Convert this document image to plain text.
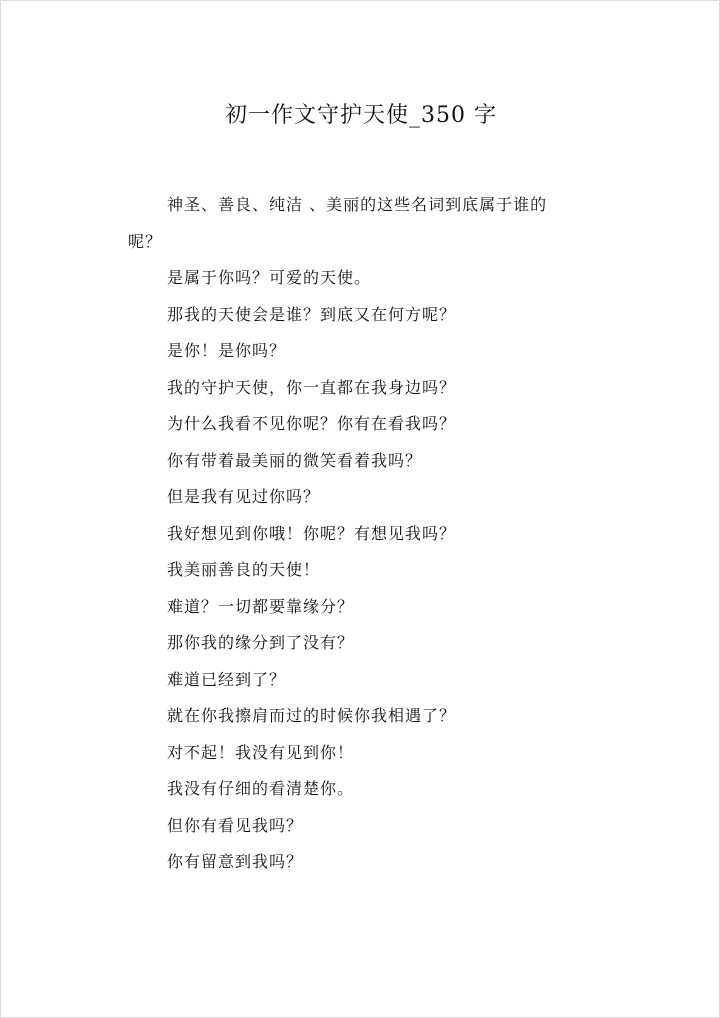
初一作文守护天使_350 字
神圣、善良、纯洁 、美丽的这些名词到底属于谁的
呢？
是属于你吗？可爱的天使。
那我的天使会是谁？到底又在何方呢？
是你！是你吗？
我的守护天使，你一直都在我身边吗？
为什么我看不见你呢？你有在看我吗？
你有带着最美丽的微笑看着我吗？
但是我有见过你吗？
我好想见到你哦！你呢？有想见我吗？
我美丽善良的天使！
难道？一切都要靠缘分？
那你我的缘分到了没有？
难道已经到了？
就在你我擦肩而过的时候你我相遇了？
对不起！我没有见到你！
我没有仔细的看清楚你。
但你有看见我吗？
你有留意到我吗？
